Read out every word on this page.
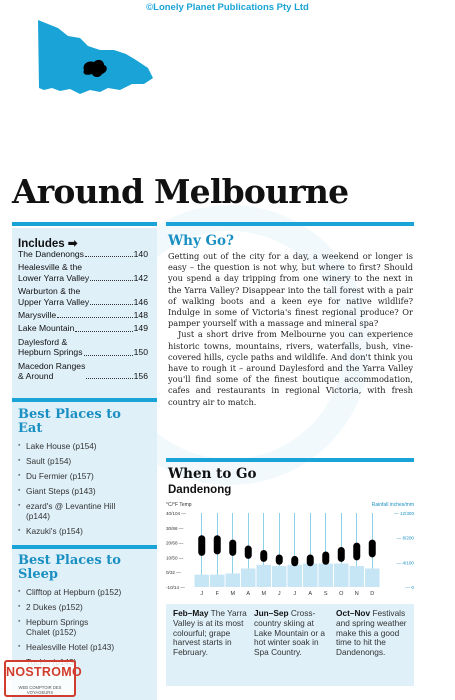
©Lonely Planet Publications Pty Ltd
Around Melbourne
Includes ➡
The Dandenongs	140
Healesville & the
Lower Yarra Valley	142
Warburton & the
Upper Yarra Valley	146
Marysville	148
Lake Mountain	149
Daylesford &
Hepburn Springs	150
Macedon Ranges
& Around	156
Best Places to
Eat
▪ Lake House (p154)
▪ Sault (p154)
▪ Du Fermier (p157)
▪ Giant Steps (p143)
▪ ezard's @ Levantine Hill
(p144)
▪ Kazuki's (p154)
Best Places to
Sleep
▪ Clifftop at Hepburn (p152)
▪ 2 Dukes (p152)
▪ Hepburn Springs
Chalet (p152)
▪ Healesville Hotel (p143)
▪
Why Go?

Getting out of the city for a day, a weekend or longer is easy – the question is not why, but where to first? Should you spend a day tripping from one winery to the next in the Yarra Valley? Disappear into the tall forest with a pair of walking boots and a keen eye for native wildlife? Indulge in some of Victoria's finest regional produce? Or pamper yourself with a massage and mineral spa?

Just a short drive from Melbourne you can experience historic towns, mountains, rivers, waterfalls, bush, vine-covered hills, cycle paths and wildlife. And don't think you have to rough it – around Daylesford and the Yarra Valley you'll find some of the finest boutique accommodation, cafes and restaurants in regional Victoria, with fresh country air to match.

When to Go
Dandenong
°C/°F Temp	Rainfall inches/mm
40/104 —
30/86 —
20/68 —
10/50 —
0/32 —
-10/14 —
— 12/300
— 8/200
— 4/100
— 0
J F M A M J J A S O N D
Feb–May The Yarra Valley is at its most colourful; grape harvest starts in February.
Jun–Sep Cross-country skiing at Lake Mountain or a hot winter soak in Spa Country.
Oct–Nov Festivals and spring weather make this a good time to hit the Dandenongs.
NOSTROMO
WEB COMPTOIR DES VOYAGEURS
